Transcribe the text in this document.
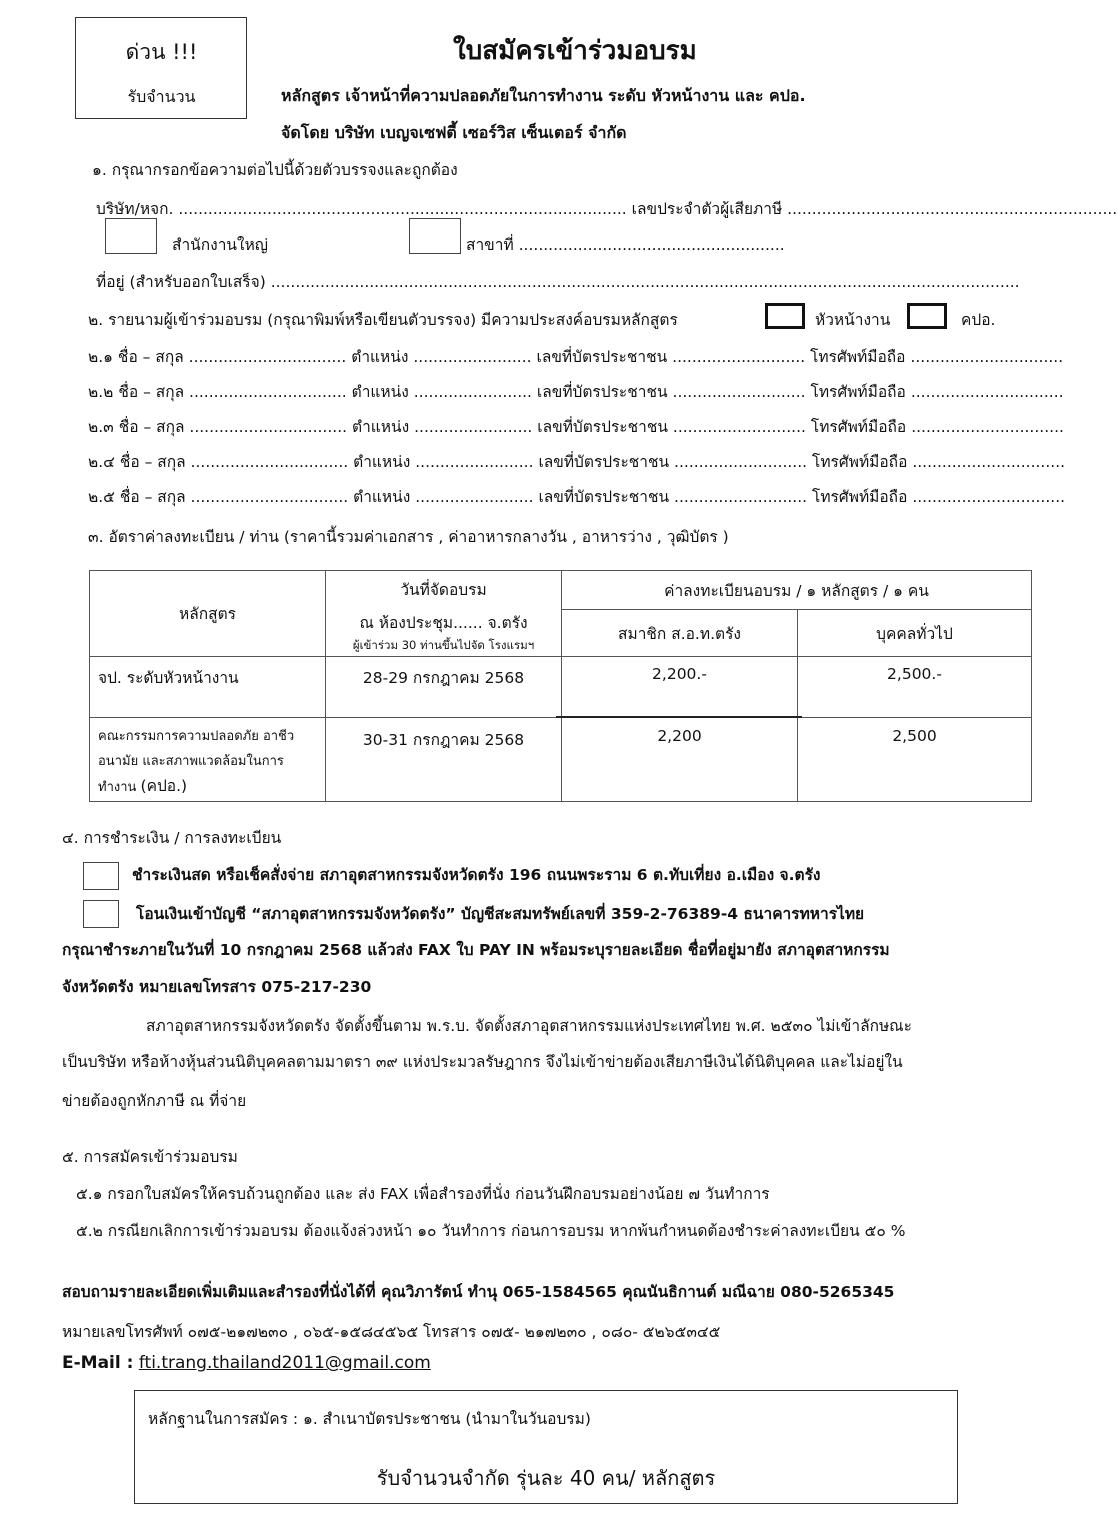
ด่วน !!!
รับจำนวน
ใบสมัครเข้าร่วมอบรม
หลักสูตร เจ้าหน้าที่ความปลอดภัยในการทำงาน ระดับ หัวหน้างาน และ คปอ.
จัดโดย บริษัท เบญจเซฟตี้ เซอร์วิส เซ็นเตอร์ จำกัด
๑. กรุณากรอกข้อความต่อไปนี้ด้วยตัวบรรจงและถูกต้อง
บริษัท/หจก. ........................................................................................... เลขประจำตัวผู้เสียภาษี ...................................................................
สำนักงานใหญ่	สาขาที่ ......................................................
ที่อยู่ (สำหรับออกใบเสร็จ) ........................................................................................................................................................
๒. รายนามผู้เข้าร่วมอบรม (กรุณาพิมพ์หรือเขียนตัวบรรจง) มีความประสงค์อบรมหลักสูตร	หัวหน้างาน	คปอ.
๒.๑ ชื่อ – สกุล ................................ ตำแหน่ง ........................ เลขที่บัตรประชาชน ........................... โทรศัพท์มือถือ ...............................
๒.๒ ชื่อ – สกุล ................................ ตำแหน่ง ........................ เลขที่บัตรประชาชน ........................... โทรศัพท์มือถือ ...............................
๒.๓ ชื่อ – สกุล ................................ ตำแหน่ง ........................ เลขที่บัตรประชาชน ........................... โทรศัพท์มือถือ ...............................
๒.๔ ชื่อ – สกุล ................................ ตำแหน่ง ........................ เลขที่บัตรประชาชน ........................... โทรศัพท์มือถือ ...............................
๒.๕ ชื่อ – สกุล ................................ ตำแหน่ง ........................ เลขที่บัตรประชาชน ........................... โทรศัพท์มือถือ ...............................
๓. อัตราค่าลงทะเบียน / ท่าน (ราคานี้รวมค่าเอกสาร , ค่าอาหารกลางวัน , อาหารว่าง , วุฒิบัตร )
หลักสูตร	วันที่จัดอบรม
ณ ห้องประชุม...... จ.ตรัง
ผู้เข้าร่วม 30 ท่านขึ้นไปจัด โรงแรมฯ	ค่าลงทะเบียนอบรม / ๑ หลักสูตร / ๑ คน	
		สมาชิก ส.อ.ท.ตรัง	บุคคลทั่วไป
จป. ระดับหัวหน้างาน	28-29 กรกฎาคม 2568	2,200.-	2,500.-

คณะกรรมการความปลอดภัย อาชีว
อนามัย และสภาพแวดล้อมในการ
ทำงาน (คปอ.)	30-31 กรกฎาคม 2568	2,200	2,500
๔. การชำระเงิน / การลงทะเบียน
ชำระเงินสด หรือเช็คสั่งจ่าย สภาอุตสาหกรรมจังหวัดตรัง 196 ถนนพระราม 6 ต.ทับเที่ยง อ.เมือง จ.ตรัง
โอนเงินเข้าบัญชี “สภาอุตสาหกรรมจังหวัดตรัง” บัญชีสะสมทรัพย์เลขที่ 359-2-76389-4 ธนาคารทหารไทย
กรุณาชำระภายในวันที่ 10 กรกฎาคม 2568 แล้วส่ง FAX ใบ PAY IN พร้อมระบุรายละเอียด ชื่อที่อยู่มายัง สภาอุตสาหกรรม
จังหวัดตรัง หมายเลขโทรสาร 075-217-230
สภาอุตสาหกรรมจังหวัดตรัง จัดตั้งขึ้นตาม พ.ร.บ. จัดตั้งสภาอุตสาหกรรมแห่งประเทศไทย พ.ศ. ๒๕๓๐ ไม่เข้าลักษณะ
เป็นบริษัท หรือห้างหุ้นส่วนนิติบุคคลตามมาตรา ๓๙ แห่งประมวลรัษฎากร จึงไม่เข้าข่ายต้องเสียภาษีเงินได้นิติบุคคล และไม่อยู่ใน
ข่ายต้องถูกหักภาษี ณ ที่จ่าย
๕. การสมัครเข้าร่วมอบรม
๕.๑ กรอกใบสมัครให้ครบถ้วนถูกต้อง และ ส่ง FAX เพื่อสำรองที่นั่ง ก่อนวันฝึกอบรมอย่างน้อย ๗ วันทำการ
๕.๒ กรณียกเลิกการเข้าร่วมอบรม ต้องแจ้งล่วงหน้า ๑๐ วันทำการ ก่อนการอบรม หากพ้นกำหนดต้องชำระค่าลงทะเบียน ๕๐ %
สอบถามรายละเอียดเพิ่มเติมและสำรองที่นั่งได้ที่ คุณวิภารัตน์ ทำนุ 065-1584565 คุณนันธิกานต์ มณีฉาย 080-5265345
หมายเลขโทรศัพท์ ๐๗๕-๒๑๗๒๓๐ , ๐๖๕-๑๕๘๔๕๖๕ โทรสาร ๐๗๕- ๒๑๗๒๓๐ , ๐๘๐- ๕๒๖๕๓๔๕
E-Mail : fti.trang.thailand2011@gmail.com
หลักฐานในการสมัคร : ๑. สำเนาบัตรประชาชน (นำมาในวันอบรม)
รับจำนวนจำกัด รุ่นละ 40 คน/ หลักสูตร
